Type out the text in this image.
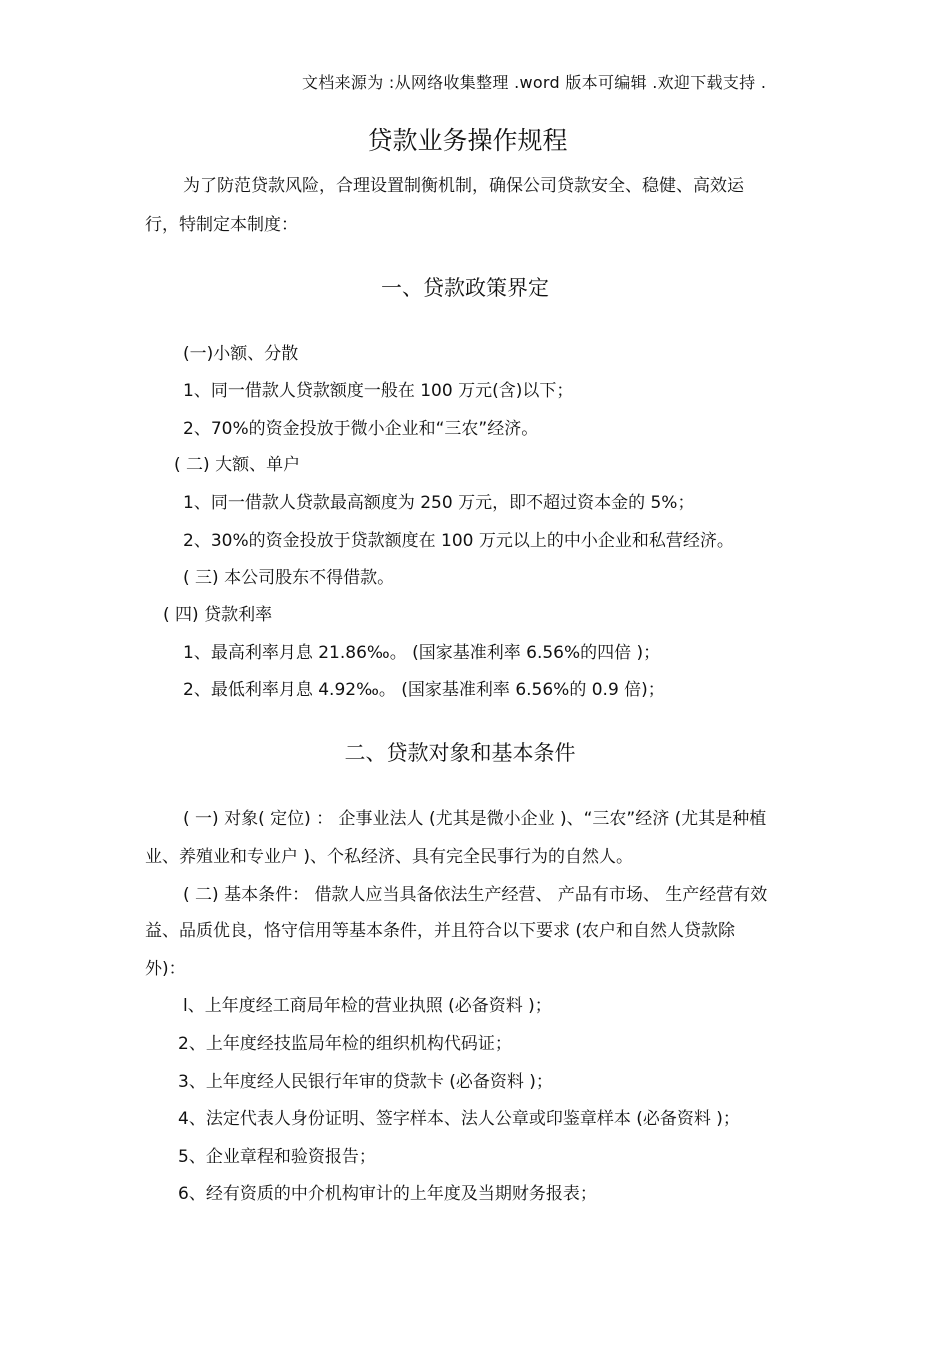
文档来源为 :从网络收集整理 .word 版本可编辑 .欢迎下载支持 .
贷款业务操作规程
为了防范贷款风险，合理设置制衡机制，确保公司贷款安全、稳健、高效运
行，特制定本制度：
一、贷款政策界定
(一)小额、分散
1、同一借款人贷款额度一般在 100 万元(含)以下；
2、70%的资金投放于微小企业和“三农”经济。
( 二) 大额、单户
1、同一借款人贷款最高额度为 250 万元，即不超过资本金的 5%；
2、30%的资金投放于贷款额度在 100 万元以上的中小企业和私营经济。
( 三) 本公司股东不得借款。
( 四) 贷款利率
1、最高利率月息 21.86‰。 (国家基准利率 6.56%的四倍 )；
2、最低利率月息 4.92‰。 (国家基准利率 6.56%的 0.9 倍)；
二、贷款对象和基本条件
( 一) 对象( 定位) ： 企事业法人 (尤其是微小企业 )、“三农”经济 (尤其是种植
业、养殖业和专业户 )、个私经济、具有完全民事行为的自然人。
( 二) 基本条件： 借款人应当具备依法生产经营、 产品有市场、 生产经营有效
益、品质优良，恪守信用等基本条件，并且符合以下要求 (农户和自然人贷款除
外)：
l、上年度经工商局年检的营业执照 (必备资料 )；
2、上年度经技监局年检的组织机构代码证；
3、上年度经人民银行年审的贷款卡 (必备资料 )；
4、法定代表人身份证明、签字样本、法人公章或印鉴章样本 (必备资料 )；
5、企业章程和验资报告；
6、经有资质的中介机构审计的上年度及当期财务报表；
